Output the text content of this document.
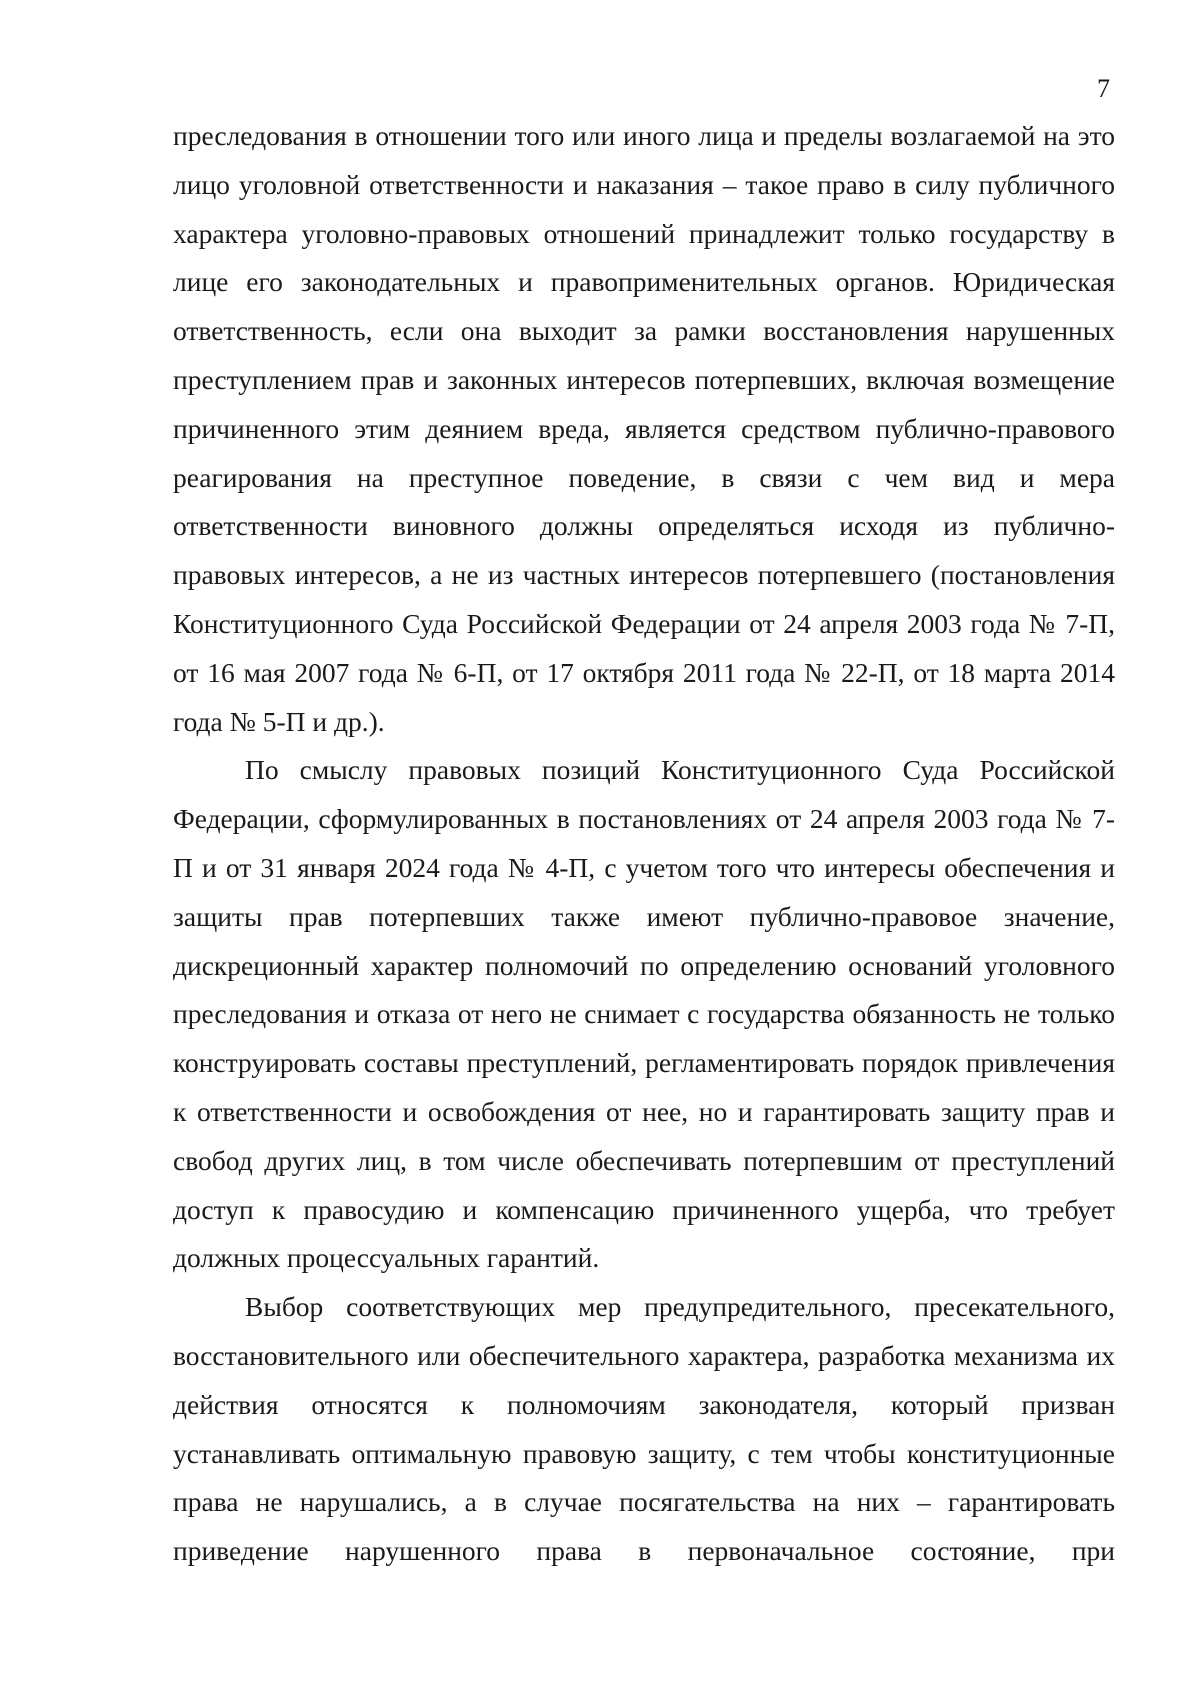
7

преследования в отношении того или иного лица и пределы возлагаемой на это лицо уголовной ответственности и наказания – такое право в силу публичного характера уголовно-правовых отношений принадлежит только государству в лице его законодательных и правоприменительных органов. Юридическая ответственность, если она выходит за рамки восстановления нарушенных преступлением прав и законных интересов потерпевших, включая возмещение причиненного этим деянием вреда, является средством публично-правового реагирования на преступное поведение, в связи с чем вид и мера ответственности виновного должны определяться исходя из публично-правовых интересов, а не из частных интересов потерпевшего (постановления Конституционного Суда Российской Федерации от 24 апреля 2003 года № 7-П, от 16 мая 2007 года № 6-П, от 17 октября 2011 года № 22-П, от 18 марта 2014 года № 5-П и др.).

По смыслу правовых позиций Конституционного Суда Российской Федерации, сформулированных в постановлениях от 24 апреля 2003 года № 7-П и от 31 января 2024 года № 4-П, с учетом того что интересы обеспечения и защиты прав потерпевших также имеют публично-правовое значение, дискреционный характер полномочий по определению оснований уголовного преследования и отказа от него не снимает с государства обязанность не только конструировать составы преступлений, регламентировать порядок привлечения к ответственности и освобождения от нее, но и гарантировать защиту прав и свобод других лиц, в том числе обеспечивать потерпевшим от преступлений доступ к правосудию и компенсацию причиненного ущерба, что требует должных процессуальных гарантий.

Выбор соответствующих мер предупредительного, пресекательного, восстановительного или обеспечительного характера, разработка механизма их действия относятся к полномочиям законодателя, который призван устанавливать оптимальную правовую защиту, с тем чтобы конституционные права не нарушались, а в случае посягательства на них – гарантировать приведение нарушенного права в первоначальное состояние, при
